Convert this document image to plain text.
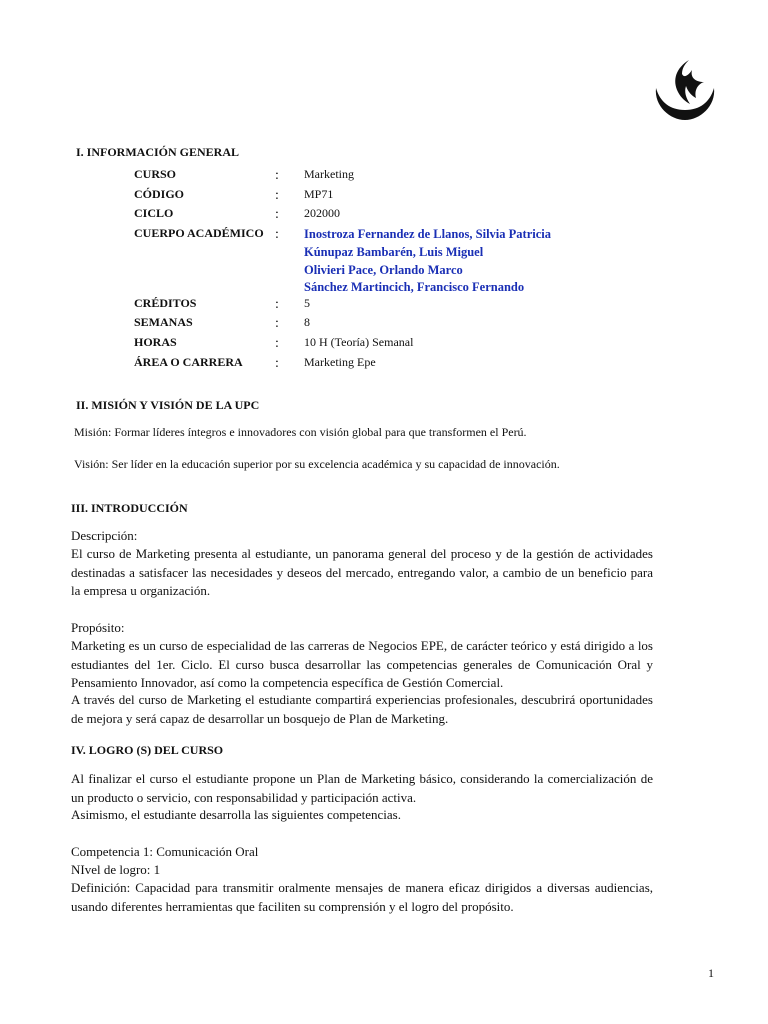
I. INFORMACIÓN GENERAL
CURSO	: Marketing
CÓDIGO	: MP71
CICLO	: 202000
CUERPO ACADÉMICO : Inostroza Fernandez de Llanos, Silvia Patricia
Kúnupaz Bambarén, Luis Miguel
Olivieri Pace, Orlando Marco
Sánchez Martincich, Francisco Fernando
CRÉDITOS	: 5
SEMANAS	: 8
HORAS	: 10 H (Teoría) Semanal
ÁREA O CARRERA : Marketing Epe
II. MISIÓN Y VISIÓN DE LA UPC
Misión: Formar líderes íntegros e innovadores con visión global para que transformen el Perú.
Visión: Ser líder en la educación superior por su excelencia académica y su capacidad de innovación.
III. INTRODUCCIÓN
Descripción:
El curso de Marketing presenta al estudiante, un panorama general del proceso y de la gestión de actividades destinadas a satisfacer las necesidades y deseos del mercado, entregando valor, a cambio de un beneficio para la empresa u organización.
Propósito:
Marketing es un curso de especialidad de las carreras de Negocios EPE, de carácter teórico y está dirigido a los estudiantes del 1er. Ciclo. El curso busca desarrollar las competencias generales de Comunicación Oral y Pensamiento Innovador, así como la competencia específica de Gestión Comercial.
A través del curso de Marketing el estudiante compartirá experiencias profesionales, descubrirá oportunidades de mejora y será capaz de desarrollar un bosquejo de Plan de Marketing.
IV. LOGRO (S) DEL CURSO
Al finalizar el curso el estudiante propone un Plan de Marketing básico, considerando la comercialización de un producto o servicio, con responsabilidad y participación activa.
Asimismo, el estudiante desarrolla las siguientes competencias.
Competencia 1: Comunicación Oral
NIvel de logro: 1
Definición: Capacidad para transmitir oralmente mensajes de manera eficaz dirigidos a diversas audiencias, usando diferentes herramientas que faciliten su comprensión y el logro del propósito.
1
